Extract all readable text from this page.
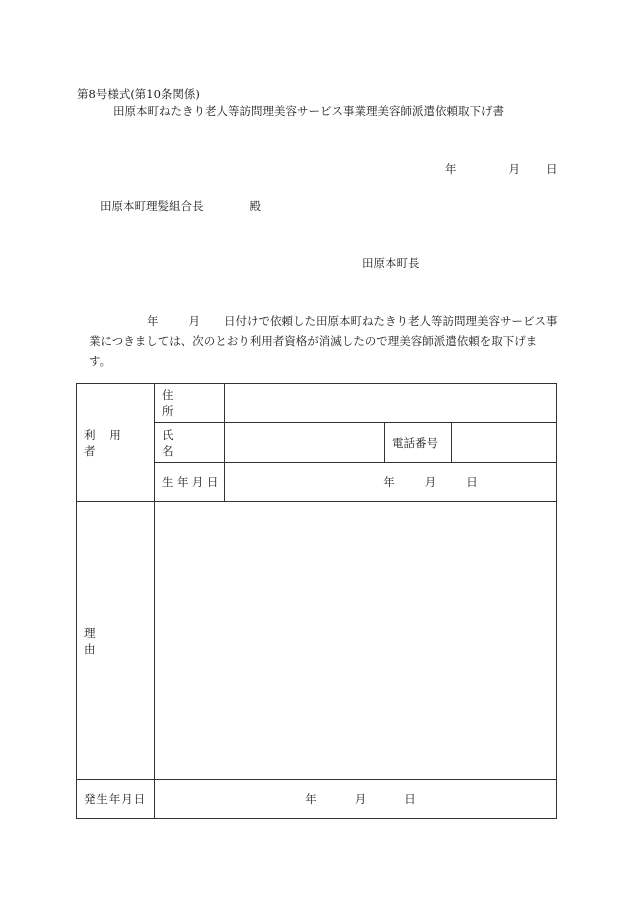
第8号様式(第10条関係)
田原本町ねたきり老人等訪問理美容サービス事業理美容師派遣依頼取下げ書
年	月 日
田原本町理髪組合長	殿
田原本町長
年	月 日付けで依頼した田原本町ねたきり老人等訪問理美容サービス事業につきましては、次のとおり利用者資格が消滅したので理美容師派遣依頼を取下げます。
利用者	住所			
	氏名		電話番号	
	生年月日	年 月 日		

理由				

発生年月日	年 月 日			
